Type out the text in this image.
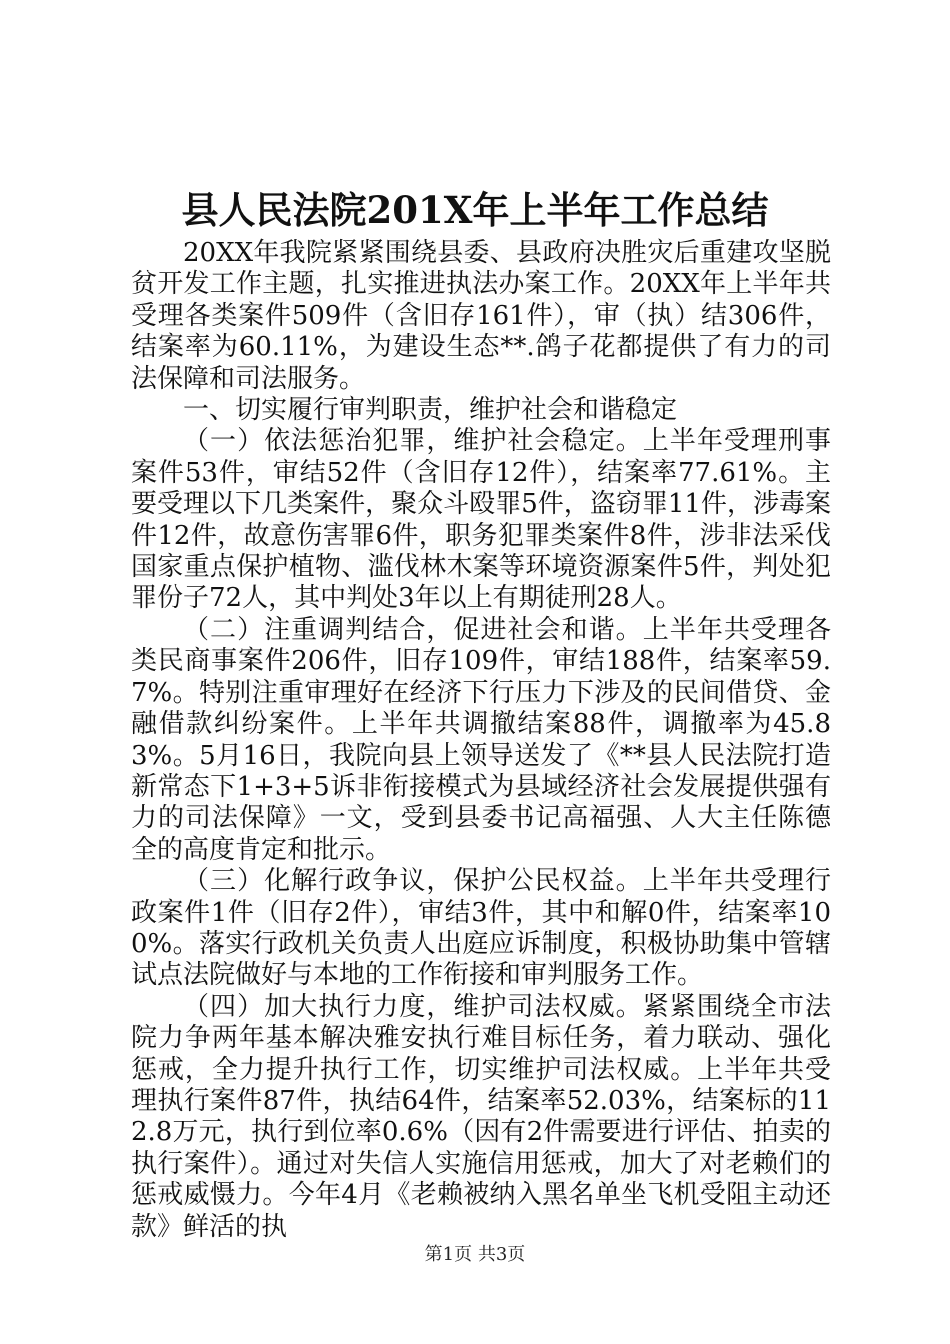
县人民法院201X年上半年工作总结

20XX年我院紧紧围绕县委、县政府决胜灾后重建攻坚脱贫开发工作主题，扎实推进执法办案工作。20XX年上半年共受理各类案件509件（含旧存161件），审（执）结306件，结案率为60.11%，为建设生态**.鸽子花都提供了有力的司法保障和司法服务。

一、切实履行审判职责，维护社会和谐稳定

（一）依法惩治犯罪，维护社会稳定。上半年受理刑事案件53件，审结52件（含旧存12件），结案率77.61%。主要受理以下几类案件，聚众斗殴罪5件，盗窃罪11件，涉毒案件12件，故意伤害罪6件，职务犯罪类案件8件，涉非法采伐国家重点保护植物、滥伐林木案等环境资源案件5件，判处犯罪份子72人，其中判处3年以上有期徒刑28人。

（二）注重调判结合，促进社会和谐。上半年共受理各类民商事案件206件，旧存109件，审结188件，结案率59.7%。特别注重审理好在经济下行压力下涉及的民间借贷、金融借款纠纷案件。上半年共调撤结案88件，调撤率为45.83%。5月16日，我院向县上领导送发了《**县人民法院打造新常态下1+3+5诉非衔接模式为县域经济社会发展提供强有力的司法保障》一文，受到县委书记高福强、人大主任陈德全的高度肯定和批示。

（三）化解行政争议，保护公民权益。上半年共受理行政案件1件（旧存2件），审结3件，其中和解0件，结案率100%。落实行政机关负责人出庭应诉制度，积极协助集中管辖试点法院做好与本地的工作衔接和审判服务工作。

（四）加大执行力度，维护司法权威。紧紧围绕全市法院力争两年基本解决雅安执行难目标任务，着力联动、强化惩戒，全力提升执行工作，切实维护司法权威。上半年共受理执行案件87件，执结64件，结案率52.03%，结案标的112.8万元，执行到位率0.6%（因有2件需要进行评估、拍卖的执行案件）。通过对失信人实施信用惩戒，加大了对老赖们的惩戒威慑力。今年4月《老赖被纳入黑名单坐飞机受阻主动还款》鲜活的执

第1页 共3页
